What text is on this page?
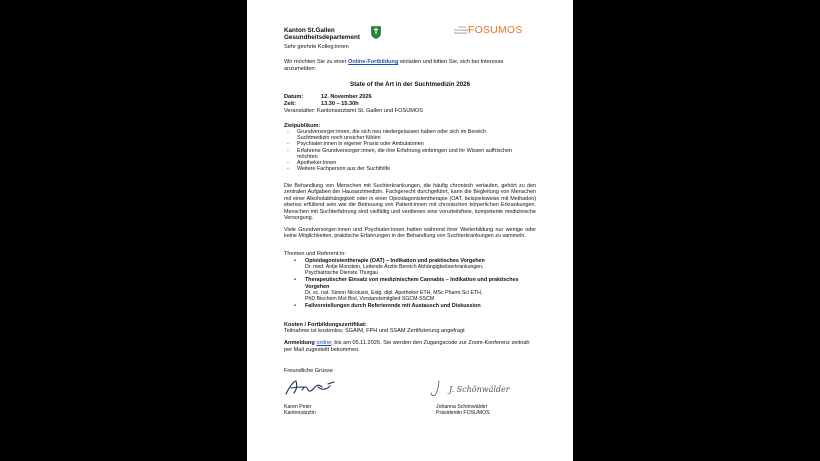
Kanton St.Gallen
Gesundheitsdepartement
Forum
Suchtmedizin
Ostschweiz FOSUMOS
Sehr geehrte Kolleg:innen
Wir möchten Sie zu einer Online-Fortbildung einladen und bitten Sie, sich bei Interesse anzumelden:
State of the Art in der Suchtmedizin 2026
Datum:	12. November 2026
Zeit:	13.30 – 15.30h
Veranstalter: Kantonsarztamt St. Gallen und FOSUMOS
Zielpublikum:
- Grundversorger:innen, die sich neu niedergelassen haben oder sich im Bereich Suchtmedizin noch unsicher fühlen
- Psychiater:innen in eigener Praxis oder Ambulatorien
- Erfahrene Grundversorger:innen, die ihre Erfahrung einbringen und ihr Wissen auffrischen möchten
- Apotheker:innen
- Weitere Fachperson aus der Suchthilfe
Die Behandlung von Menschen mit Suchterkrankungen, die häufig chronisch verlaufen, gehört zu den zentralen Aufgaben der Hausarztmedizin. Fachgerecht durchgeführt, kann die Begleitung von Menschen mit einer Alkoholabhängigkeit oder in einer Opioidagonistentherapie (OAT, beispielsweise mit Methadon) ebenso erfüllend sein wie die Betreuung von Patient:innen mit chronischen körperlichen Erkrankungen. Menschen mit Suchterfahrung sind vielfältig und verdienen eine vorurteilsfreie, kompetente medizinische Versorgung.
Viele Grundversorger:innen und Psychiater:innen hatten während ihrer Weiterbildung nur wenige oder keine Möglichkeiten, praktische Erfahrungen in der Behandlung von Suchterkrankungen zu sammeln.
Themen und Referent:in:
• Opioidagonistentherapie (OAT) – Indikation und praktisches Vorgehen
Dr. med. Antje Monstein, Leitende Ärztin Bereich Abhängigkeitserkrankungen,
Psychiatrische Dienste Thurgau
• Therapeutischer Einsatz von medizinischem Cannabis – Indikation und praktisches Vorgehen
Dr. sc. nat. Simon Nicolussi, Eidg. dipl. Apotheker ETH, MSc Pharm Sci ETH,
PhD Biochem Mol Biol, Vorstandsmitglied SGCM-SSCM
• Fallvorstellungen durch Referierende mit Austausch und Diskussion
Kosten / Fortbildungszertifikat:
Teilnahme ist kostenlos; SGAIM, FPH und SSAM Zertifizierung angefragt
Anmeldung online; bis am 05.11.2026. Sie werden den Zugangscode zur Zoom-Konferenz zeitnah per Mail zugestellt bekommen.
Freundliche Grüsse
J. Schönwälder
Karen Peier
Kantonsärztin
Johanna Schönwälder
Präsidentin FOSUMOS
